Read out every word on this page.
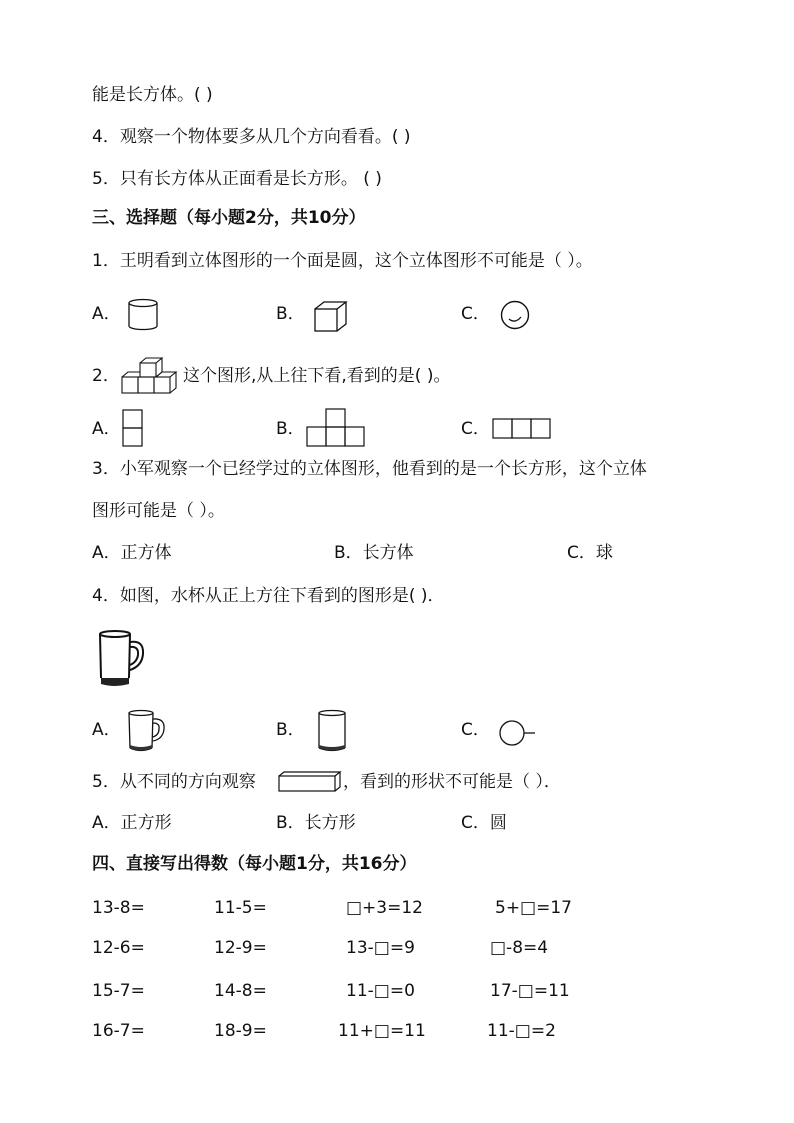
能是长方体。( )
4．观察一个物体要多从几个方向看看。( )
5．只有长方体从正面看是长方形。 ( )
三、选择题（每小题2分，共10分）
1．王明看到立体图形的一个面是圆，这个立体图形不可能是（ ）。
A．	B．	C．
2．	这个图形,从上往下看,看到的是( )。
A．	B．	C．
3．小军观察一个已经学过的立体图形，他看到的是一个长方形，这个立体
图形可能是（ ）。
A．正方体	B．长方体	C．球
4．如图，水杯从正上方往下看到的图形是( )．
A．	B．	C．
5．从不同的方向观察	，看到的形状不可能是（ ）．
A．正方形	B．长方形	C．圆
四、直接写出得数（每小题1分，共16分）
13-8=	11-5=	□+3=12	5+□=17
12-6=	12-9=	13-□=9	□-8=4
15-7=	14-8=	11-□=0	17-□=11
16-7=	18-9=	11+□=11	11-□=2
